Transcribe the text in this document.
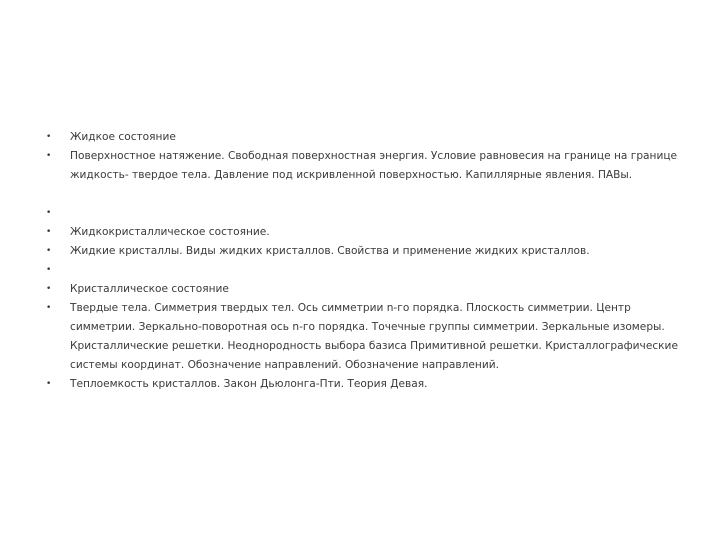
• Жидкое состояние
• Поверхностное натяжение. Свободная поверхностная энергия. Условие равновесия на границе на границе жидкость- твердое тела. Давление под искривленной поверхностью. Капиллярные явления. ПАВы.
•
• Жидкокристаллическое состояние.
• Жидкие кристаллы. Виды жидких кристаллов. Свойства и применение жидких кристаллов.
•
• Кристаллическое состояние
• Твердые тела. Симметрия твердых тел. Ось симметрии n-го порядка. Плоскость симметрии. Центр симметрии. Зеркально-поворотная ось n-го порядка. Точечные группы симметрии. Зеркальные изомеры. Кристаллические решетки. Неоднородность выбора базиса Примитивной решетки. Кристаллографические системы координат. Обозначение направлений. Обозначение направлений.
• Теплоемкость кристаллов. Закон Дьюлонга-Пти. Теория Девая.
